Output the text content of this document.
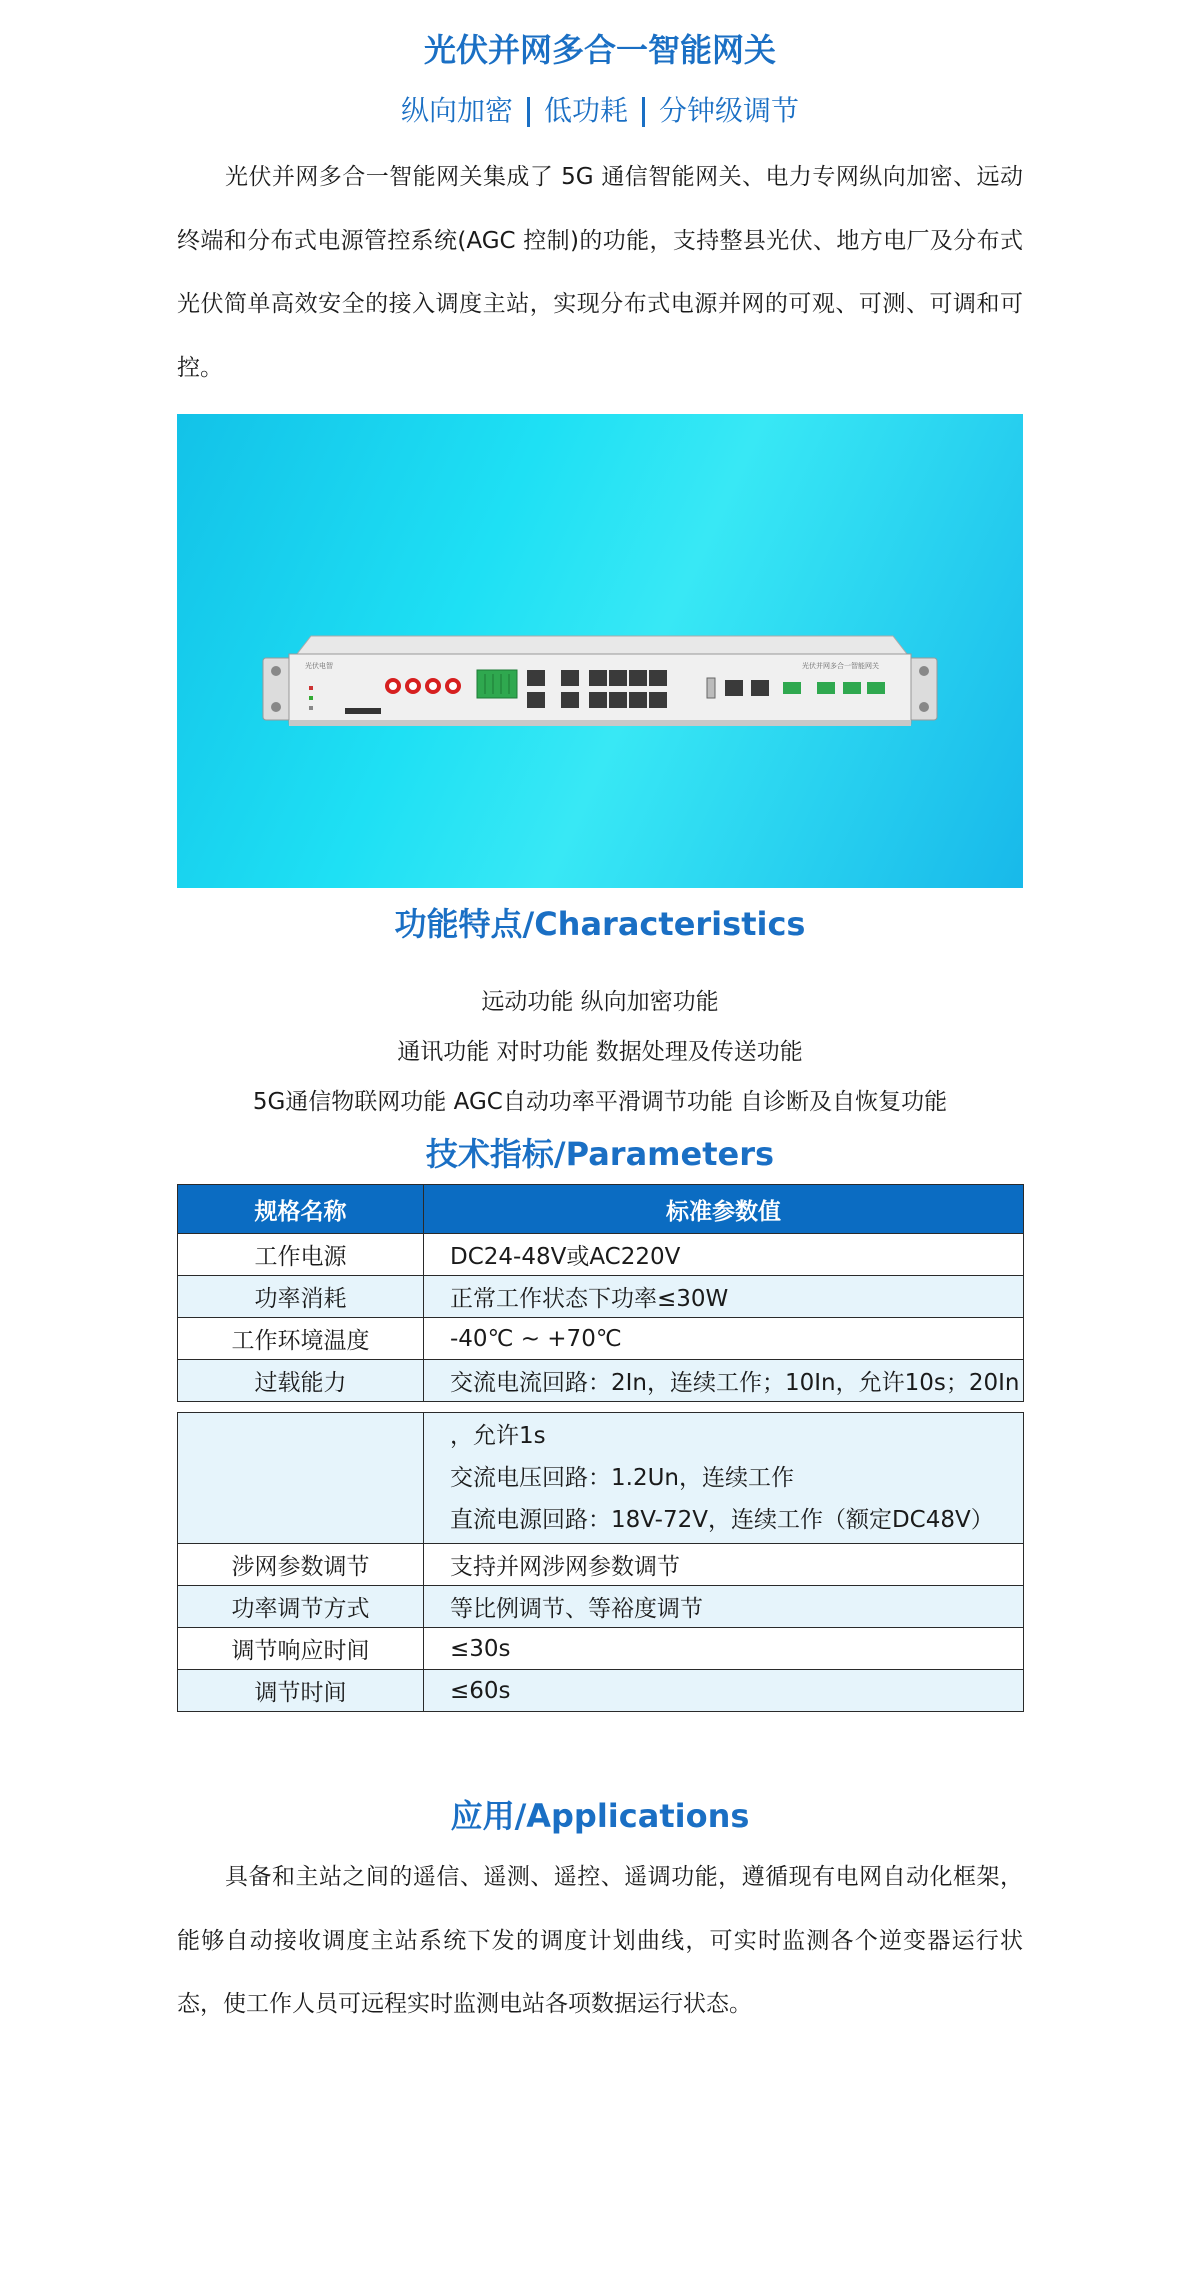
光伏并网多合一智能网关
纵向加密 低功耗 分钟级调节
光伏并网多合一智能网关集成了 5G 通信智能网关、电力专网纵向加密、远动终端和分布式电源管控系统(AGC 控制)的功能，支持整县光伏、地方电厂及分布式光伏简单高效安全的接入调度主站，实现分布式电源并网的可观、可测、可调和可控。
光伏电智	光伏并网多合一智能网关
功能特点/Characteristics
远动功能 纵向加密功能
通讯功能 对时功能 数据处理及传送功能
5G通信物联网功能 AGC自动功率平滑调节功能 自诊断及自恢复功能
技术指标/Parameters
规格名称	标准参数值
工作电源	DC24-48V或AC220V
功率消耗	正常工作状态下功率≤30W
工作环境温度	-40℃ ~ +70℃
过载能力	交流电流回路：2In，连续工作；10In，允许10s；20In

	，允许1s
交流电压回路：1.2Un，连续工作
直流电源回路：18V-72V，连续工作（额定DC48V）

涉网参数调节	支持并网涉网参数调节
功率调节方式	等比例调节、等裕度调节
调节响应时间	≤30s
调节时间	≤60s
应用/Applications
具备和主站之间的遥信、遥测、遥控、遥调功能，遵循现有电网自动化框架，能够自动接收调度主站系统下发的调度计划曲线，可实时监测各个逆变器运行状态，使工作人员可远程实时监测电站各项数据运行状态。
